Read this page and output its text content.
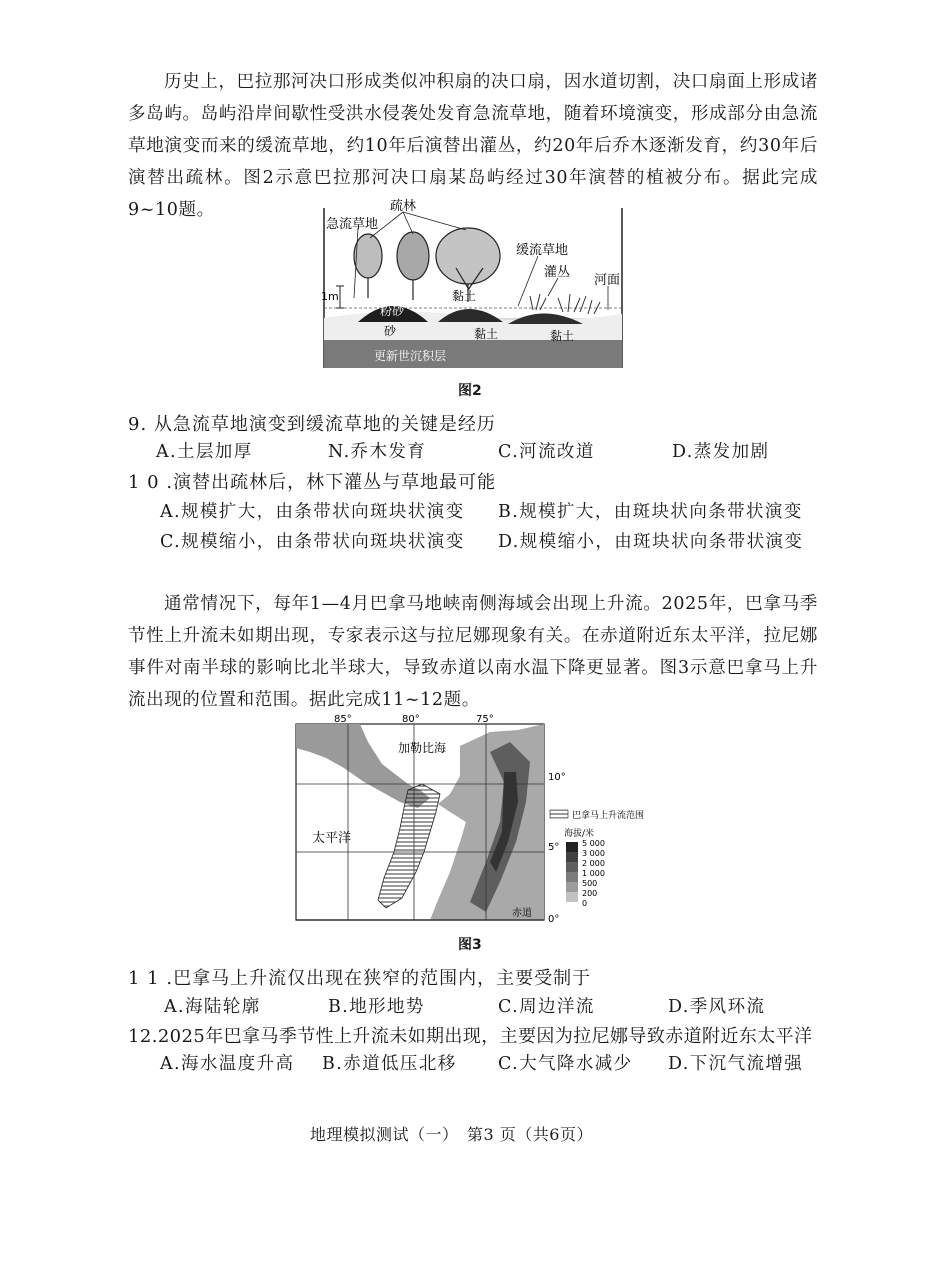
历史上，巴拉那河决口形成类似冲积扇的决口扇，因水道切割，决口扇面上形成诸多岛屿。岛屿沿岸间歇性受洪水侵袭处发育急流草地，随着环境演变，形成部分由急流草地演变而来的缓流草地，约10年后演替出灌丛，约20年后乔木逐渐发育，约30年后演替出疏林。图2示意巴拉那河决口扇某岛屿经过30年演替的植被分布。据此完成9~10题。	疏林
急流草地
缓流草地
灌丛
河面
1m
粉砂
黏土
砂	黏土	黏土
更新世沉积层
图2
9. 从急流草地演变到缓流草地的关键是经历
A.土层加厚	N.乔木发育	C.河流改道	D.蒸发加剧
1 0 .演替出疏林后，林下灌丛与草地最可能
A.规模扩大，由条带状向斑块状演变 B.规模扩大，由斑块状向条带状演变
C.规模缩小，由条带状向斑块状演变 D.规模缩小，由斑块状向条带状演变
通常情况下，每年1—4月巴拿马地峡南侧海域会出现上升流。2025年，巴拿马季节性上升流未如期出现，专家表示这与拉尼娜现象有关。在赤道附近东太平洋，拉尼娜事件对南半球的影响比北半球大，导致赤道以南水温下降更显著。图3示意巴拿马上升流出现的位置和范围。据此完成11~12题。
85°	80°	75°
10°
5°
0°
加勒比海
太平洋
赤道
巴拿马上升流范围
海拔/米
5 000
3 000
2 000
1 000
500
200
0
图3
1 1 .巴拿马上升流仅出现在狭窄的范围内，主要受制于
A.海陆轮廓	B.地形地势	C.周边洋流	D.季风环流
12.2025年巴拿马季节性上升流未如期出现，主要因为拉尼娜导致赤道附近东太平洋
A.海水温度升高 B.赤道低压北移 C.大气降水减少 D.下沉气流增强
地理模拟测试（一）　第3 页（共6页）
